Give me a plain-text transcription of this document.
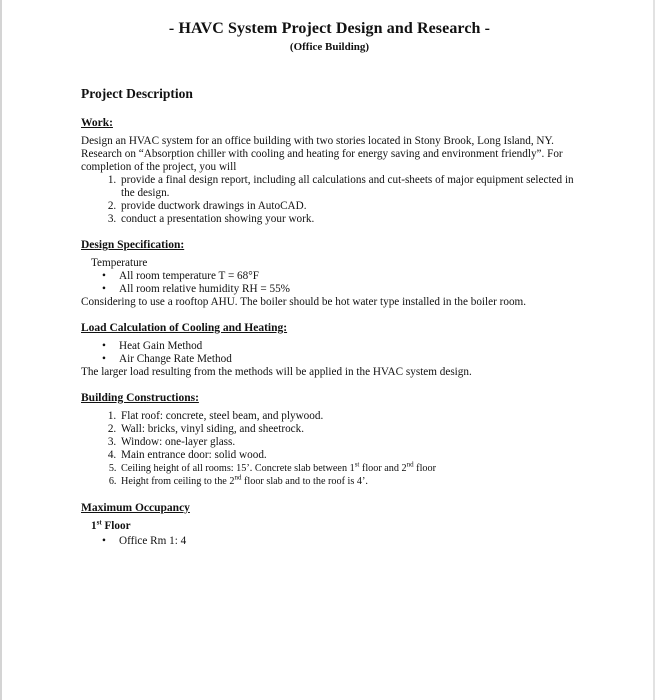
- HAVC System Project Design and Research -
(Office Building)
Project Description
Work:

Design an HVAC system for an office building with two stories located in Stony Brook, Long Island, NY. Research on “Absorption chiller with cooling and heating for energy saving and environment friendly”. For completion of the project, you will

1. provide a final design report, including all calculations and cut-sheets of major equipment selected in the design.
2. provide ductwork drawings in AutoCAD.
3. conduct a presentation showing your work.
Design Specification:
Temperature
• All room temperature T = 68°F
• All room relative humidity RH = 55%

Considering to use a rooftop AHU. The boiler should be hot water type installed in the boiler room.

Load Calculation of Cooling and Heating:
• Heat Gain Method
• Air Change Rate Method

The larger load resulting from the methods will be applied in the HVAC system design.

Building Constructions:
1. Flat roof: concrete, steel beam, and plywood.
2. Wall: bricks, vinyl siding, and sheetrock.
3. Window: one-layer glass.
4. Main entrance door: solid wood.
5. Ceiling height of all rooms: 15’. Concrete slab between 1st floor and 2nd floor
6. Height from ceiling to the 2nd floor slab and to the roof is 4’.
Maximum Occupancy
1st Floor
• Office Rm 1: 4
